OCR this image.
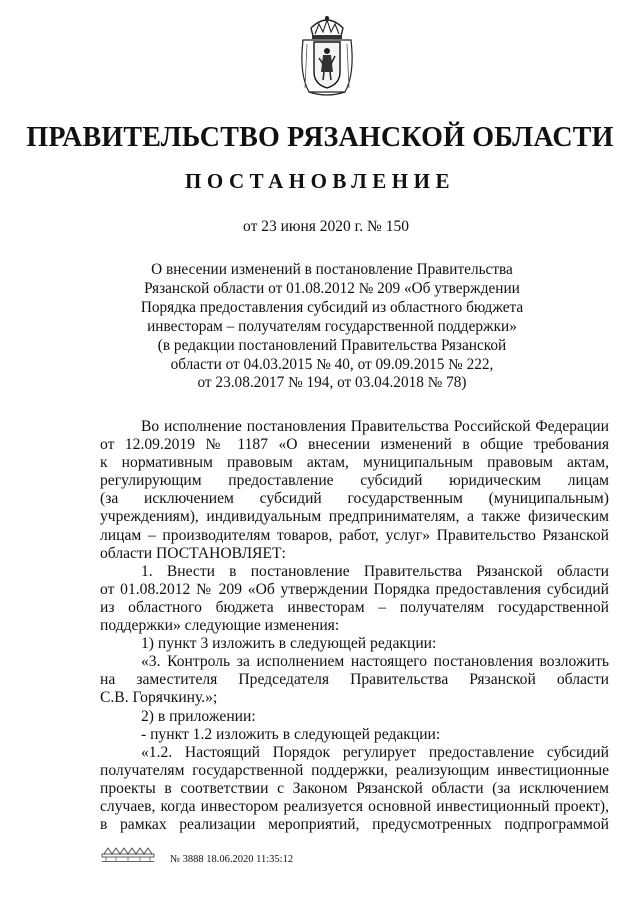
ПРАВИТЕЛЬСТВО РЯЗАНСКОЙ ОБЛАСТИ
ПОСТАНОВЛЕНИЕ
от 23 июня 2020 г. № 150
О внесении изменений в постановление Правительства
Рязанской области от 01.08.2012 № 209 «Об утверждении
Порядка предоставления субсидий из областного бюджета
инвесторам – получателям государственной поддержки»
(в редакции постановлений Правительства Рязанской
области от 04.03.2015 № 40, от 09.09.2015 № 222,
от 23.08.2017 № 194, от 03.04.2018 № 78)
Во исполнение постановления Правительства Российской Федерации
от 12.09.2019 № 1187 «О внесении изменений в общие требования
к нормативным правовым актам, муниципальным правовым актам,
регулирующим предоставление субсидий юридическим лицам
(за исключением субсидий государственным (муниципальным)
учреждениям), индивидуальным предпринимателям, а также физическим
лицам – производителям товаров, работ, услуг» Правительство Рязанской
области ПОСТАНОВЛЯЕТ:
1. Внести в постановление Правительства Рязанской области
от 01.08.2012 № 209 «Об утверждении Порядка предоставления субсидий
из областного бюджета инвесторам – получателям государственной
поддержки» следующие изменения:
1) пункт 3 изложить в следующей редакции:
«3. Контроль за исполнением настоящего постановления возложить
на заместителя Председателя Правительства Рязанской области
С.В. Горячкину.»;
2) в приложении:
- пункт 1.2 изложить в следующей редакции:
«1.2. Настоящий Порядок регулирует предоставление субсидий
получателям государственной поддержки, реализующим инвестиционные
проекты в соответствии с Законом Рязанской области (за исключением
случаев, когда инвестором реализуется основной инвестиционный проект),
в рамках реализации мероприятий, предусмотренных подпрограммой
№ 3888 18.06.2020 11:35:12
